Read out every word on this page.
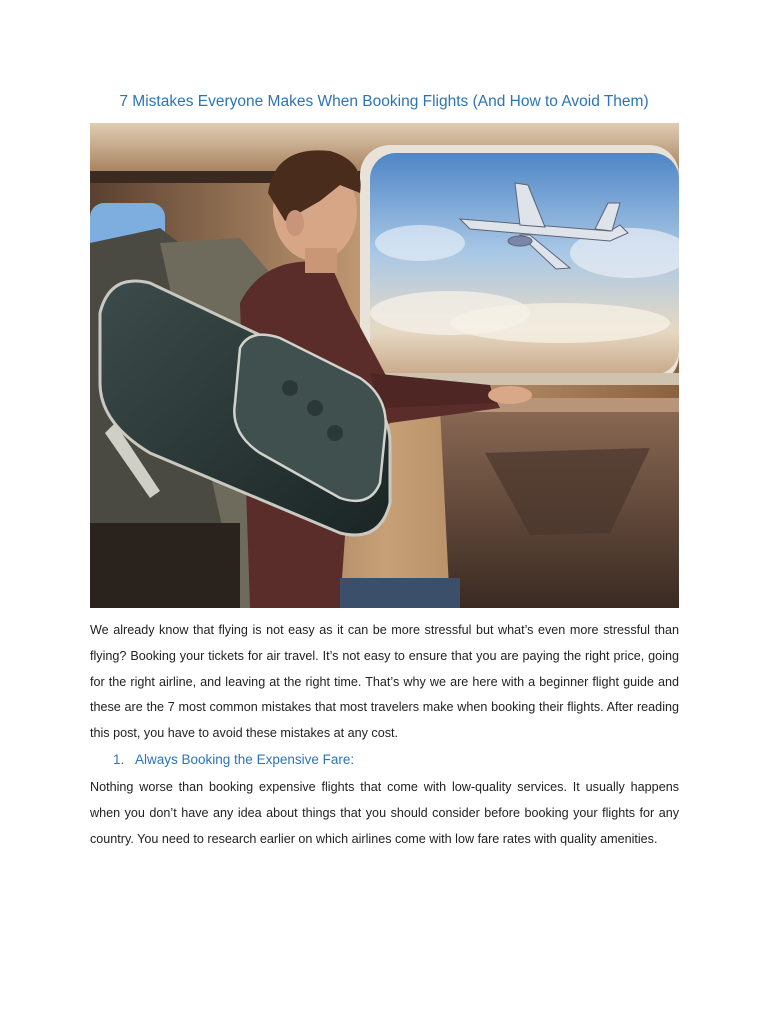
7 Mistakes Everyone Makes When Booking Flights (And How to Avoid Them)

We already know that flying is not easy as it can be more stressful but what’s even more stressful than flying? Booking your tickets for air travel. It’s not easy to ensure that you are paying the right price, going for the right airline, and leaving at the right time. That’s why we are here with a beginner flight guide and these are the 7 most common mistakes that most travelers make when booking their flights. After reading this post, you have to avoid these mistakes at any cost.

1. Always Booking the Expensive Fare:

Nothing worse than booking expensive flights that come with low-quality services. It usually happens when you don’t have any idea about things that you should consider before booking your flights for any country. You need to research earlier on which airlines come with low fare rates with quality amenities.
